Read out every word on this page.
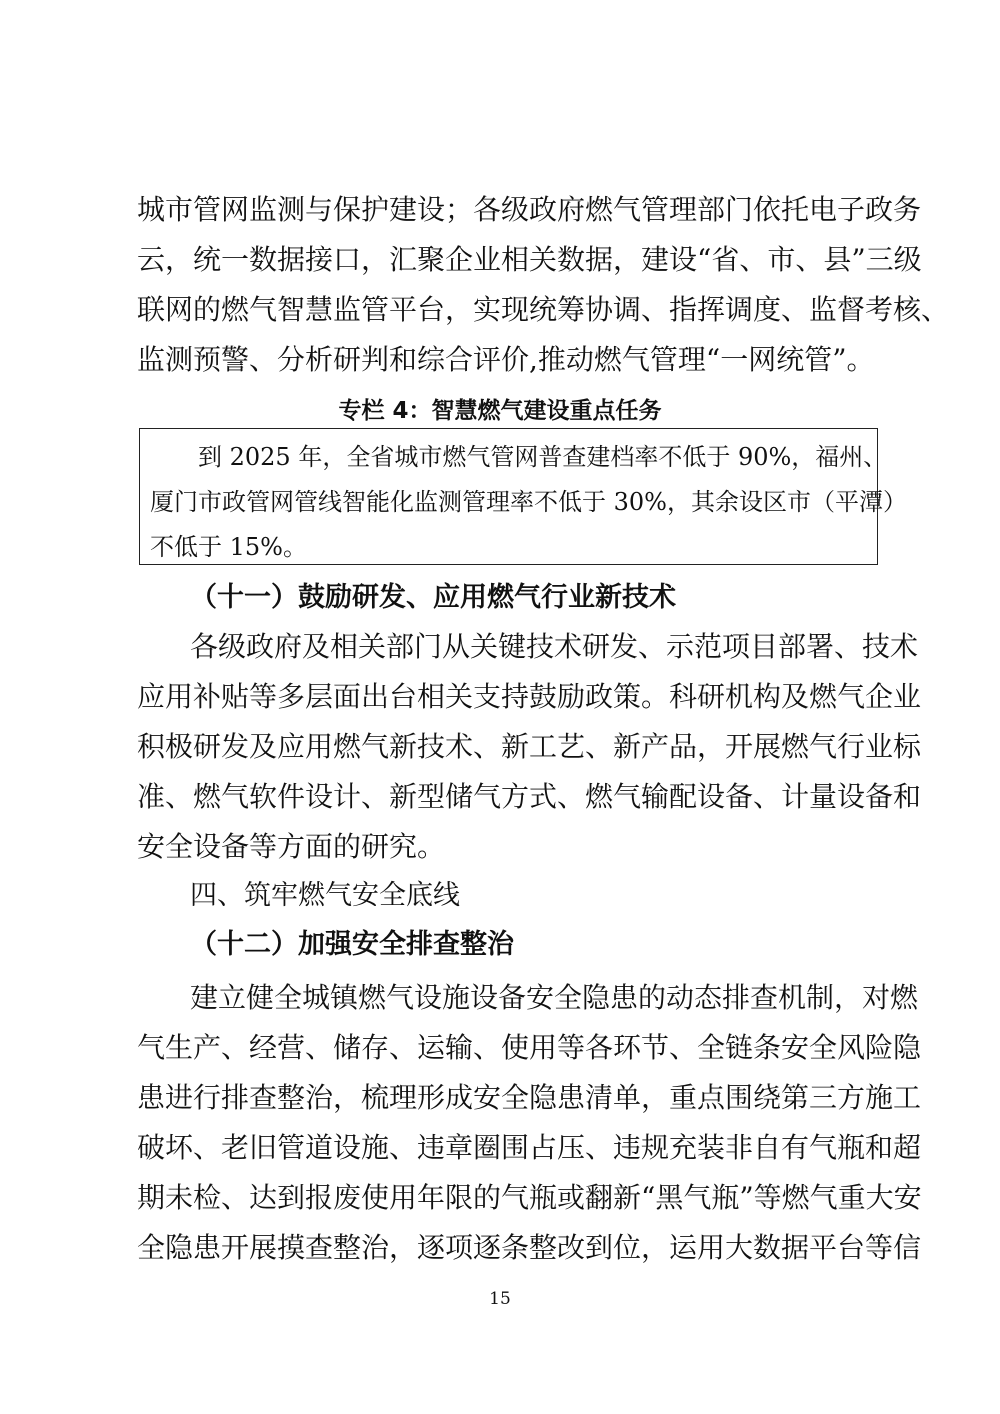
城市管网监测与保护建设；各级政府燃气管理部门依托电子政务
云，统一数据接口，汇聚企业相关数据，建设“省、市、县”三级
联网的燃气智慧监管平台，实现统筹协调、指挥调度、监督考核、
监测预警、分析研判和综合评价,推动燃气管理“一网统管”。
专栏 4：智慧燃气建设重点任务
到 2025 年，全省城市燃气管网普查建档率不低于 90%，福州、
厦门市政管网管线智能化监测管理率不低于 30%，其余设区市（平潭）
不低于 15%。
（十一）鼓励研发、应用燃气行业新技术
各级政府及相关部门从关键技术研发、示范项目部署、技术
应用补贴等多层面出台相关支持鼓励政策。科研机构及燃气企业
积极研发及应用燃气新技术、新工艺、新产品，开展燃气行业标
准、燃气软件设计、新型储气方式、燃气输配设备、计量设备和
安全设备等方面的研究。
四、筑牢燃气安全底线
（十二）加强安全排查整治
建立健全城镇燃气设施设备安全隐患的动态排查机制，对燃
气生产、经营、储存、运输、使用等各环节、全链条安全风险隐
患进行排查整治，梳理形成安全隐患清单，重点围绕第三方施工
破坏、老旧管道设施、违章圈围占压、违规充装非自有气瓶和超
期未检、达到报废使用年限的气瓶或翻新“黑气瓶”等燃气重大安
全隐患开展摸查整治，逐项逐条整改到位，运用大数据平台等信
15
